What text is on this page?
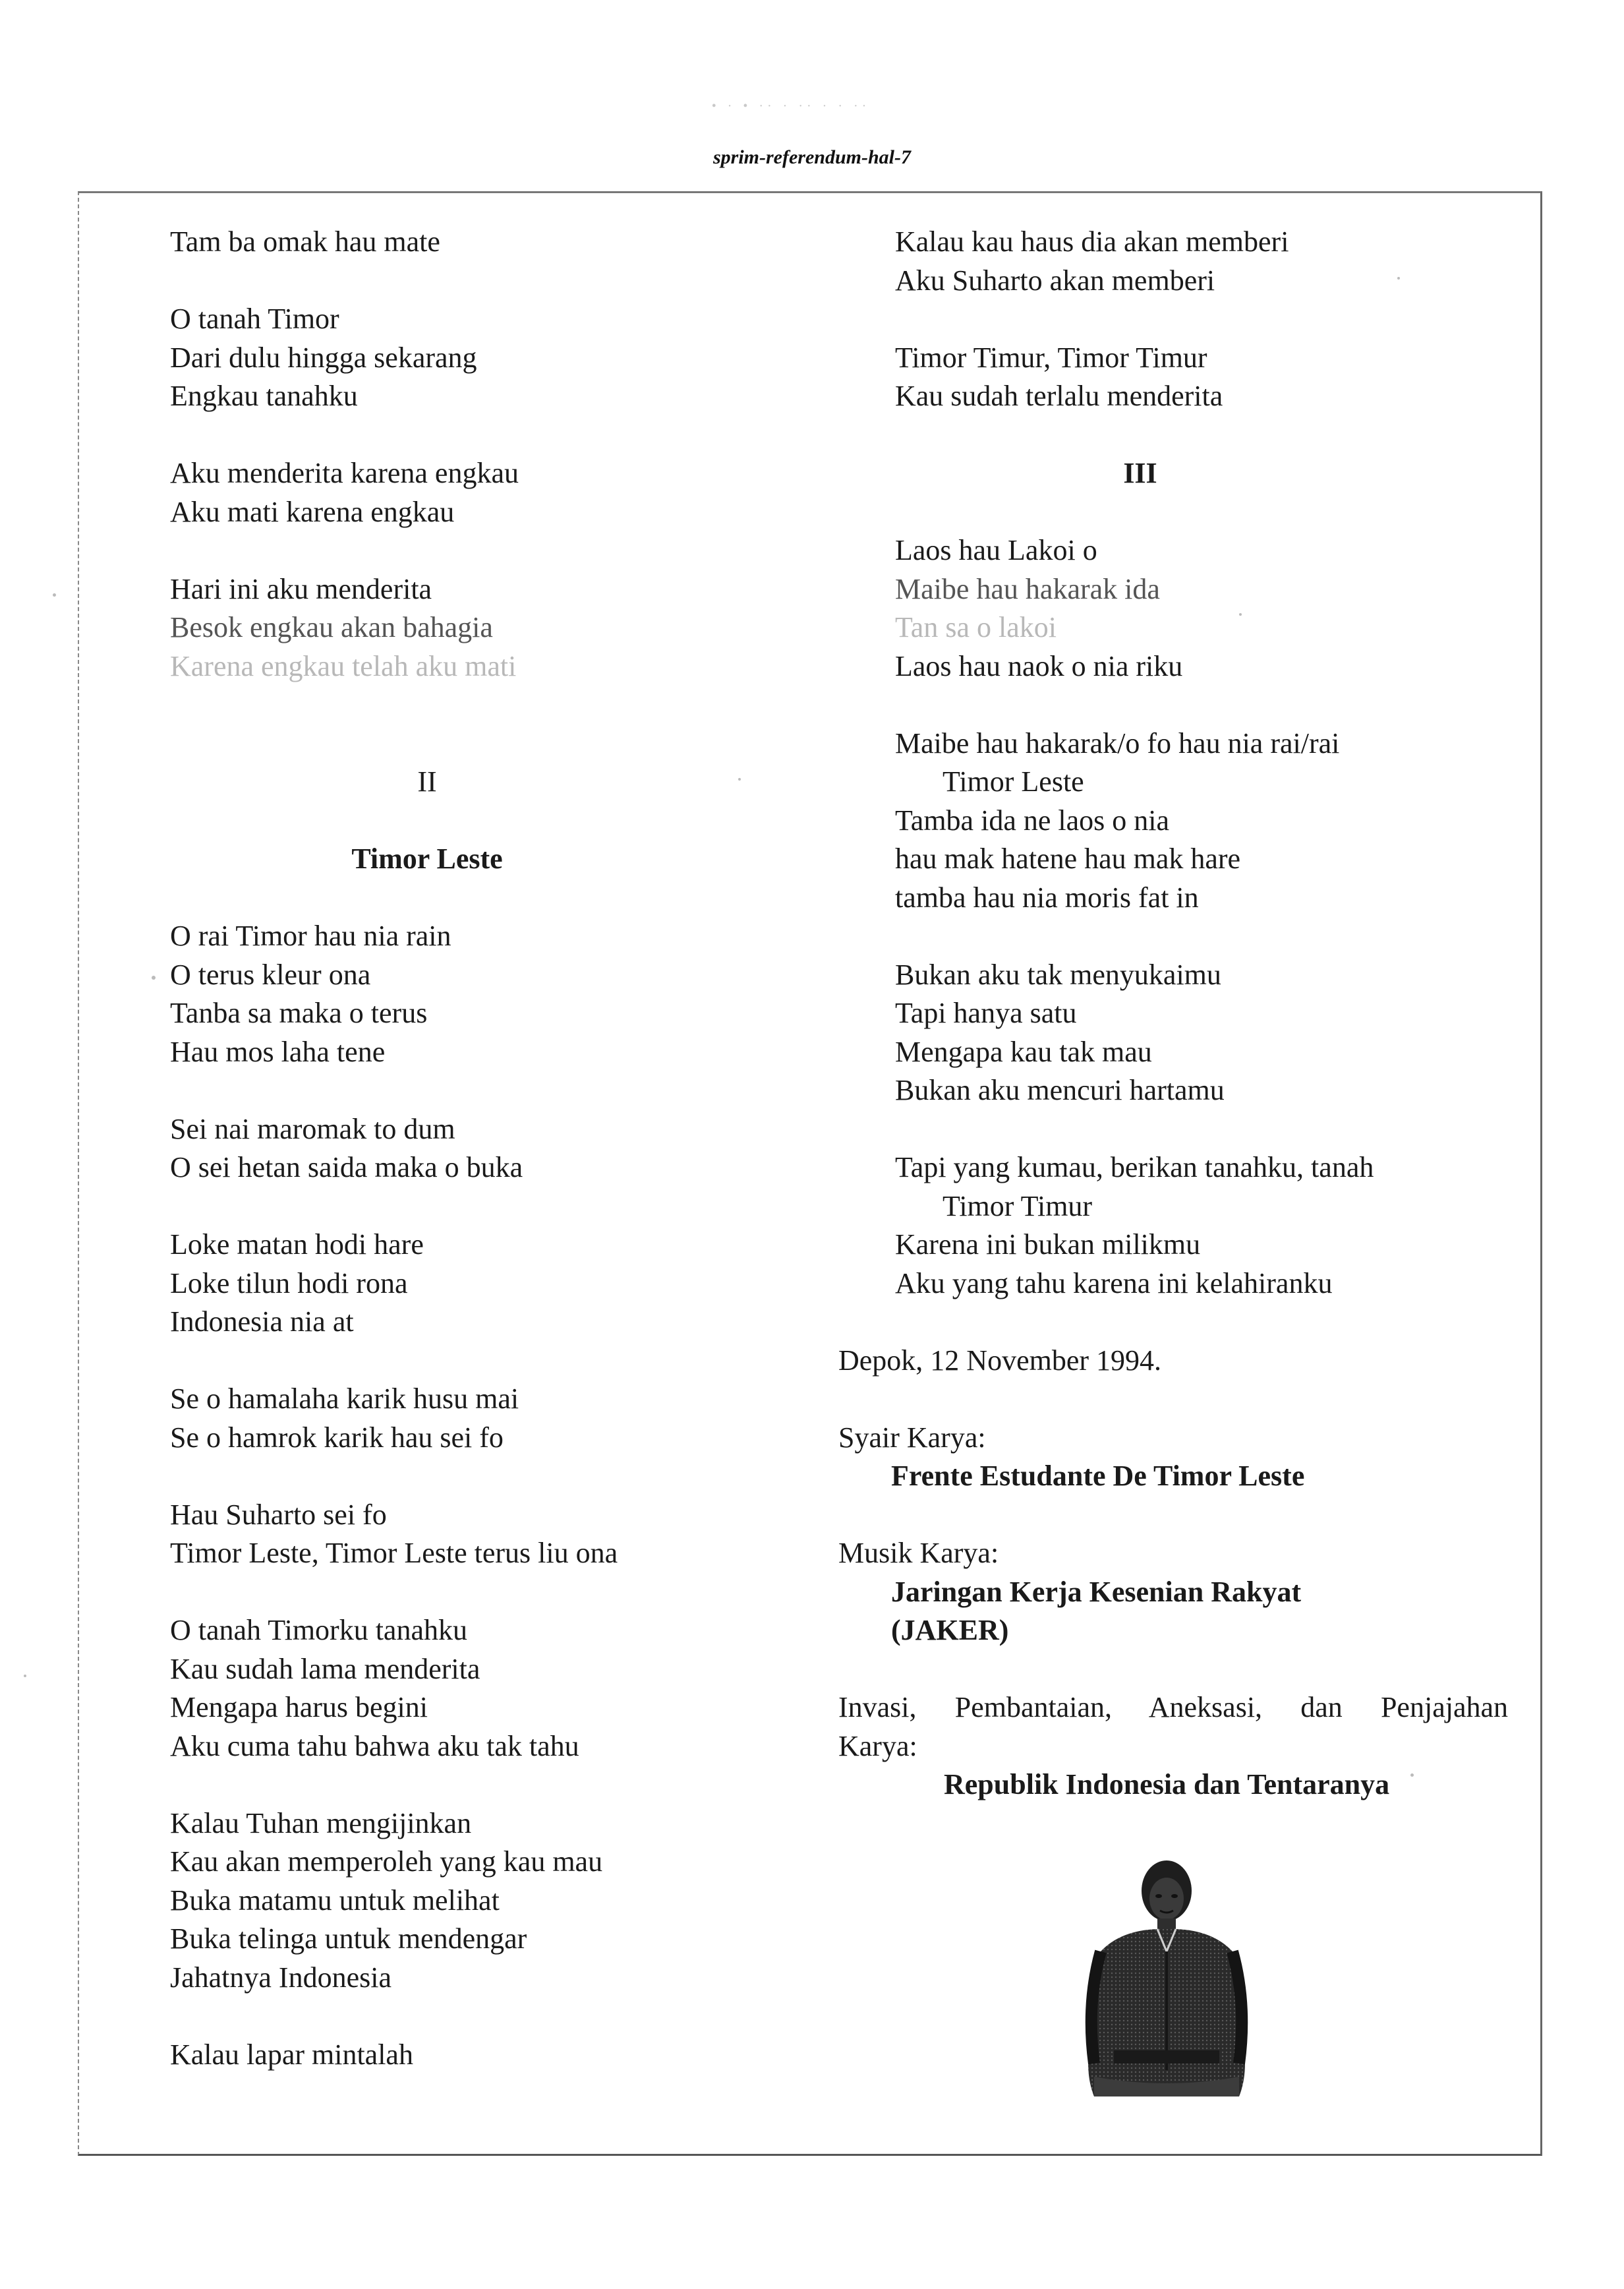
• · • ·· · ·· · · ··
sprim-referendum-hal-7
Tam ba omak hau mate
O tanah Timor
Dari dulu hingga sekarang
Engkau tanahku
Aku menderita karena engkau
Aku mati karena engkau
Hari ini aku menderita
Besok engkau akan bahagia
Karena engkau telah aku mati
II
Timor Leste
O rai Timor hau nia rain
O terus kleur ona
Tanba sa maka o terus
Hau mos laha tene
Sei nai maromak to dum
O sei hetan saida maka o buka
Loke matan hodi hare
Loke tilun hodi rona
Indonesia nia at
Se o hamalaha karik husu mai
Se o hamrok karik hau sei fo
Hau Suharto sei fo
Timor Leste, Timor Leste terus liu ona
O tanah Timorku tanahku
Kau sudah lama menderita
Mengapa harus begini
Aku cuma tahu bahwa aku tak tahu
Kalau Tuhan mengijinkan
Kau akan memperoleh yang kau mau
Buka matamu untuk melihat
Buka telinga untuk mendengar
Jahatnya Indonesia
Kalau lapar mintalah
Kalau kau haus dia akan memberi
Aku Suharto akan memberi
Timor Timur, Timor Timur
Kau sudah terlalu menderita
III
Laos hau Lakoi o
Maibe hau hakarak ida
Tan sa o lakoi
Laos hau naok o nia riku
Maibe hau hakarak/o fo hau nia rai/rai
Timor Leste
Tamba ida ne laos o nia
hau mak hatene hau mak hare
tamba hau nia moris fat in
Bukan aku tak menyukaimu
Tapi hanya satu
Mengapa kau tak mau
Bukan aku mencuri hartamu
Tapi yang kumau, berikan tanahku, tanah
Timor Timur
Karena ini bukan milikmu
Aku yang tahu karena ini kelahiranku
Depok, 12 November 1994.
Syair Karya:
Frente Estudante De Timor Leste
Musik Karya:
Jaringan Kerja Kesenian Rakyat
(JAKER)
Invasi, Pembantaian, Aneksasi, dan Penjajahan
Karya:
Republik Indonesia dan Tentaranya
